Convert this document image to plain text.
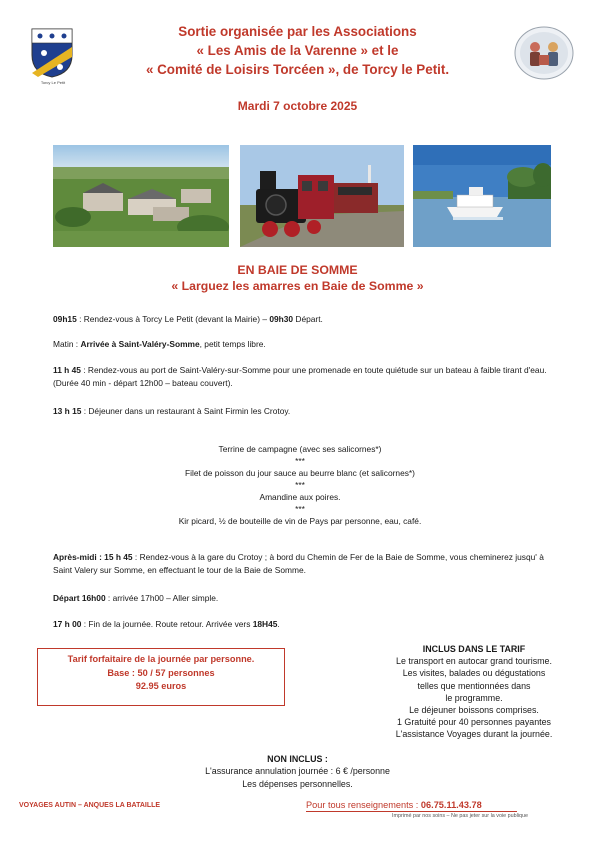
Torcy Le Petit
Sortie organisée par les Associations
« Les Amis de la Varenne » et le
« Comité de Loisirs Torcéen », de Torcy le Petit.
Mardi 7 octobre 2025
EN BAIE DE SOMME
« Larguez les amarres en Baie de Somme »
09h15 : Rendez-vous à Torcy Le Petit (devant la Mairie) – 09h30 Départ.
Matin : Arrivée à Saint-Valéry-Somme, petit temps libre.
11 h 45 : Rendez-vous au port de Saint-Valéry-sur-Somme pour une promenade en toute quiétude sur un bateau à faible tirant d'eau. (Durée 40 min - départ 12h00 – bateau couvert).
13 h 15 : Déjeuner dans un restaurant à Saint Firmin les Crotoy.
Terrine de campagne (avec ses salicornes*)
***
Filet de poisson du jour sauce au beurre blanc (et salicornes*)
***
Amandine aux poires.
***
Kir picard, ½ de bouteille de vin de Pays par personne, eau, café.
Après-midi : 15 h 45 : Rendez-vous à la gare du Crotoy ; à bord du Chemin de Fer de la Baie de Somme, vous cheminerez jusqu' à Saint Valery sur Somme, en effectuant le tour de la Baie de Somme.
Départ 16h00 : arrivée 17h00 – Aller simple.
17 h 00 : Fin de la journée. Route retour. Arrivée vers 18H45.
Tarif forfaitaire de la journée par personne.
Base : 50 / 57 personnes
92.95 euros
INCLUS DANS LE TARIF
Le transport en autocar grand tourisme.
Les visites, balades ou dégustations
telles que mentionnées dans
le programme.
Le déjeuner boissons comprises.
1 Gratuité pour 40 personnes payantes
L'assistance Voyages durant la journée.
NON INCLUS :
L'assurance annulation journée : 6 € /personne
Les dépenses personnelles.
VOYAGES AUTIN – ANQUES LA BATAILLE	Pour tous renseignements : 06.75.11.43.78
Imprimé par nos soins – Ne pas jeter sur la voie publique
